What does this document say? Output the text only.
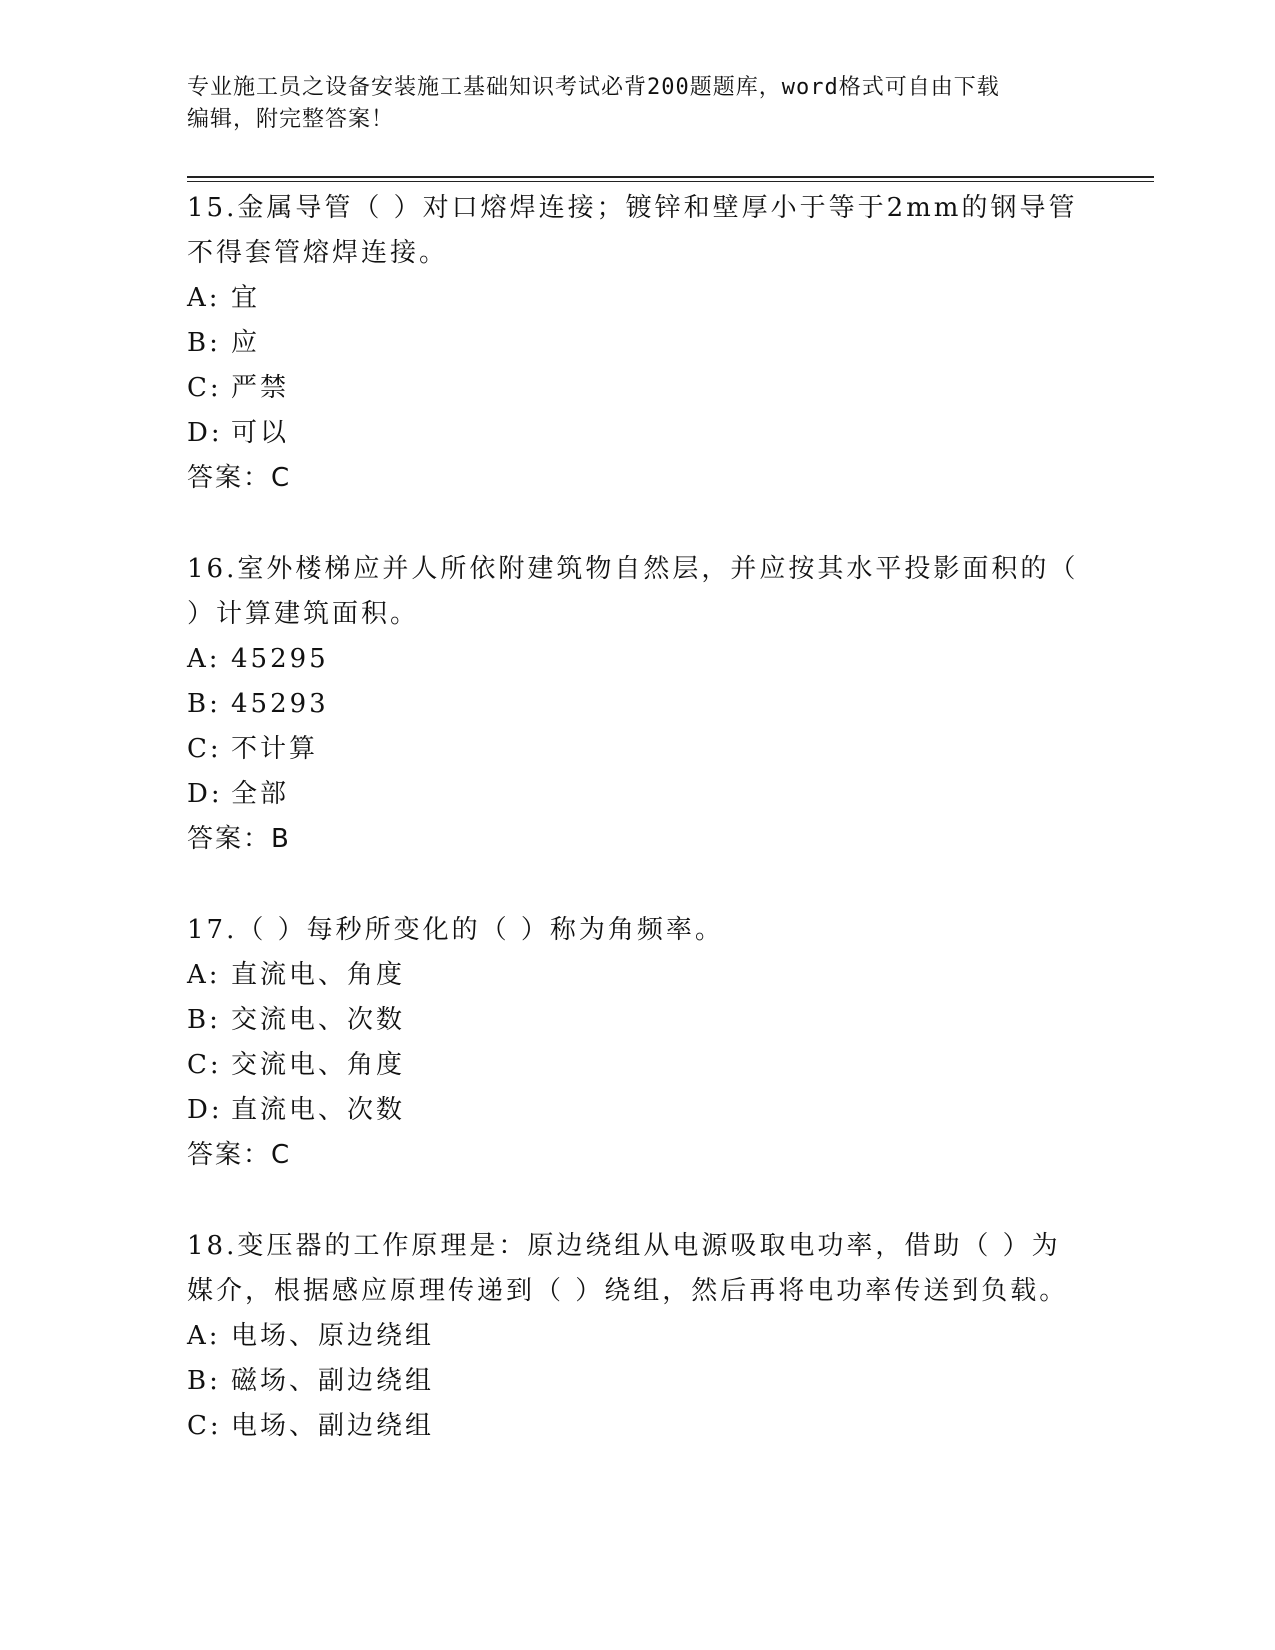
专业施工员之设备安装施工基础知识考试必背200题题库，word格式可自由下载
编辑，附完整答案！

15.金属导管（ ）对口熔焊连接；镀锌和壁厚小于等于2mm的钢导管
不得套管熔焊连接。

A: 宜
B: 应
C: 严禁
D: 可以
答案：C

16.室外楼梯应并人所依附建筑物自然层，并应按其水平投影面积的（
）计算建筑面积。

A: 45295
B: 45293
C: 不计算
D: 全部
答案：B

17.（ ）每秒所变化的（ ）称为角频率。

A: 直流电、角度
B: 交流电、次数
C: 交流电、角度
D: 直流电、次数
答案：C

18.变压器的工作原理是：原边绕组从电源吸取电功率，借助（ ）为
媒介，根据感应原理传递到（ ）绕组，然后再将电功率传送到负载。

A: 电场、原边绕组
B: 磁场、副边绕组
C: 电场、副边绕组
